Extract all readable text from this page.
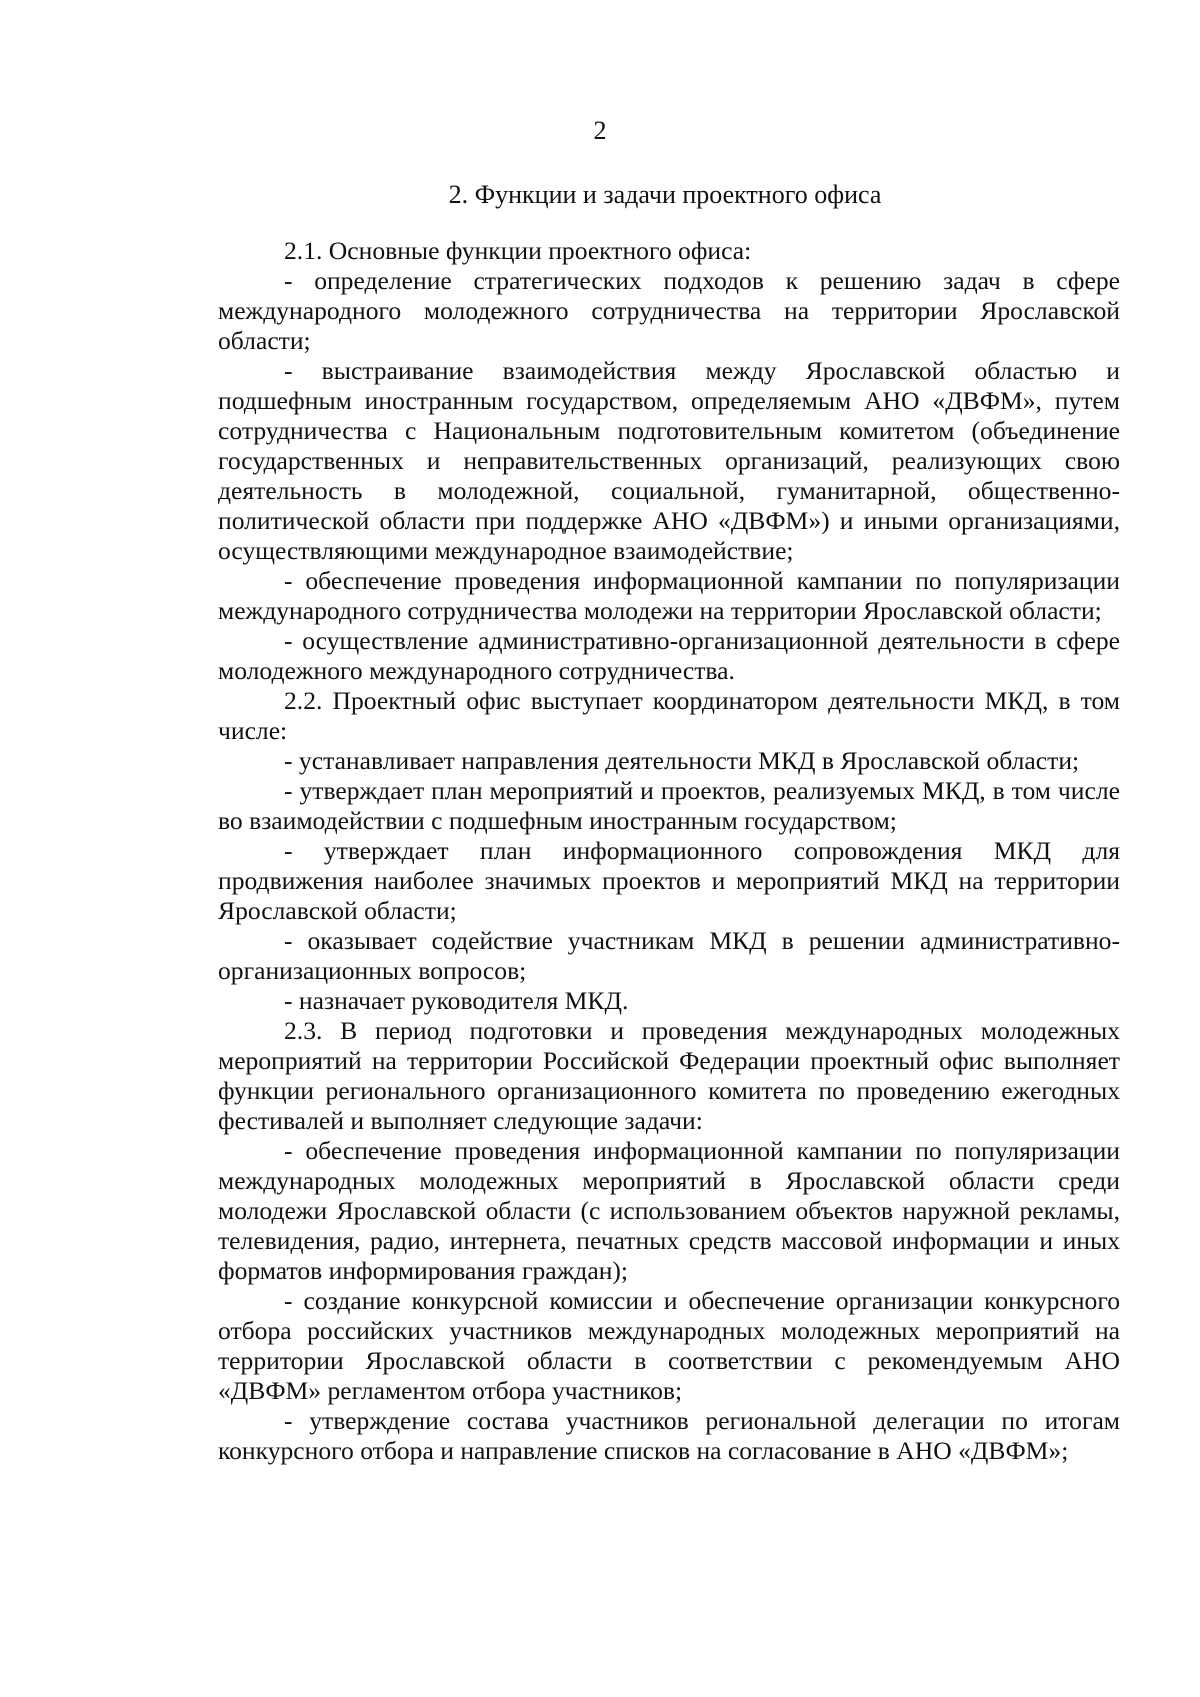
2
2. Функции и задачи проектного офиса

2.1. Основные функции проектного офиса:

- определение стратегических подходов к решению задач в сфере международного молодежного сотрудничества на территории Ярославской области;

- выстраивание взаимодействия между Ярославской областью и подшефным иностранным государством, определяемым АНО «ДВФМ», путем сотрудничества с Национальным подготовительным комитетом (объединение государственных и неправительственных организаций, реализующих свою деятельность в молодежной, социальной, гуманитарной, общественно-политической области при поддержке АНО «ДВФМ») и иными организациями, осуществляющими международное взаимодействие;

- обеспечение проведения информационной кампании по популяризации международного сотрудничества молодежи на территории Ярославской области;

- осуществление административно-организационной деятельности в сфере молодежного международного сотрудничества.

2.2. Проектный офис выступает координатором деятельности МКД, в том числе:

- устанавливает направления деятельности МКД в Ярославской области;

- утверждает план мероприятий и проектов, реализуемых МКД, в том числе во взаимодействии с подшефным иностранным государством;

- утверждает план информационного сопровождения МКД для продвижения наиболее значимых проектов и мероприятий МКД на территории Ярославской области;

- оказывает содействие участникам МКД в решении административно-организационных вопросов;

- назначает руководителя МКД.

2.3. В период подготовки и проведения международных молодежных мероприятий на территории Российской Федерации проектный офис выполняет функции регионального организационного комитета по проведению ежегодных фестивалей и выполняет следующие задачи:

- обеспечение проведения информационной кампании по популяризации международных молодежных мероприятий в Ярославской области среди молодежи Ярославской области (с использованием объектов наружной рекламы, телевидения, радио, интернета, печатных средств массовой информации и иных форматов информирования граждан);

- создание конкурсной комиссии и обеспечение организации конкурсного отбора российских участников международных молодежных мероприятий на территории Ярославской области в соответствии с рекомендуемым АНО «ДВФМ» регламентом отбора участников;

- утверждение состава участников региональной делегации по итогам конкурсного отбора и направление списков на согласование в АНО «ДВФМ»;
